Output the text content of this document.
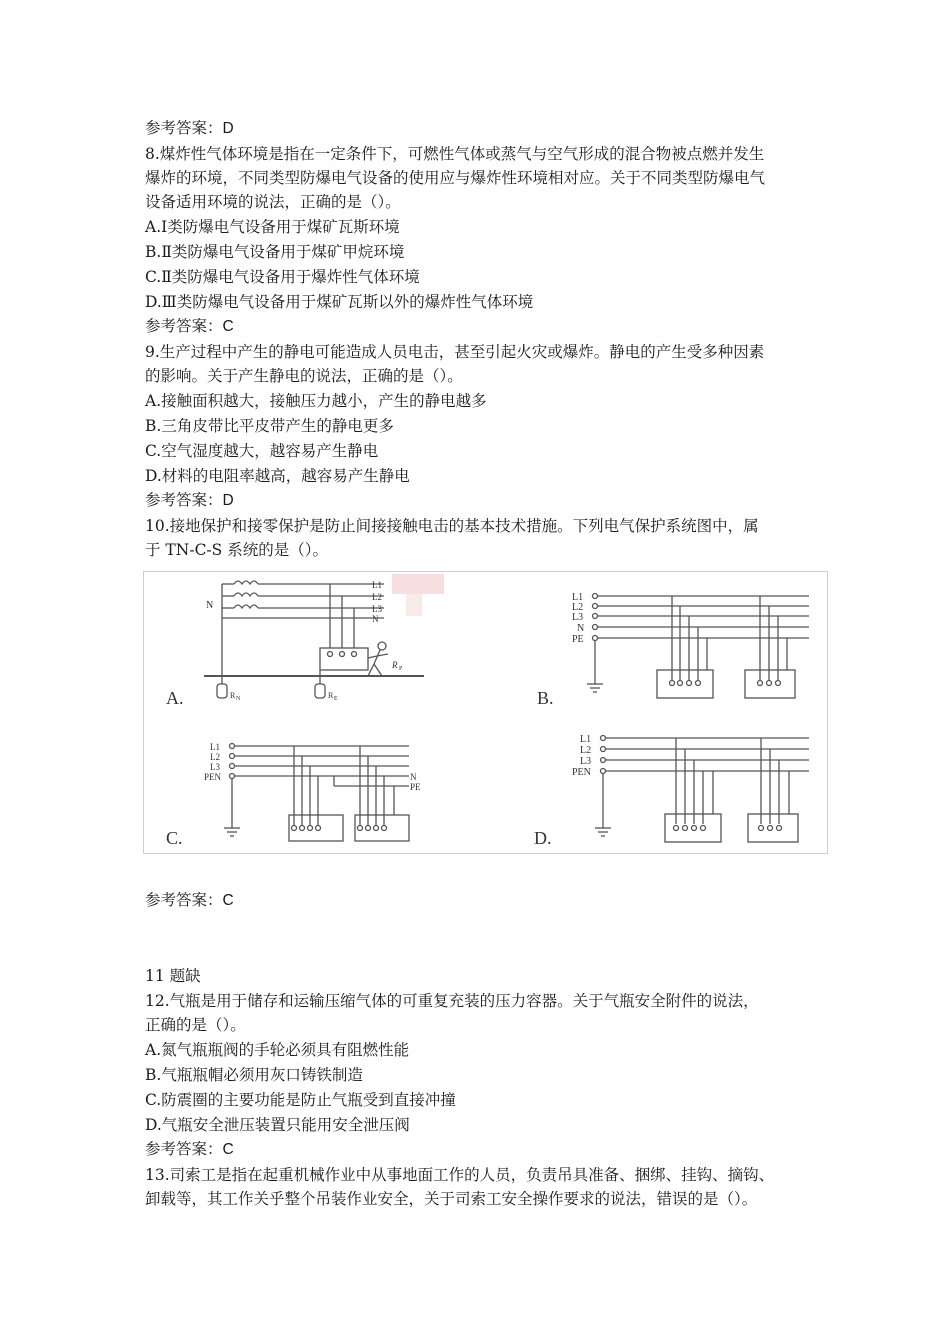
参考答案：D
8.煤炸性气体环境是指在一定条件下，可燃性气体或蒸气与空气形成的混合物被点燃并发生
爆炸的环境，不同类型防爆电气设备的使用应与爆炸性环境相对应。关于不同类型防爆电气
设备适用环境的说法，正确的是（）。
A.Ⅰ类防爆电气设备用于煤矿瓦斯环境
B.Ⅱ类防爆电气设备用于煤矿甲烷环境
C.Ⅱ类防爆电气设备用于爆炸性气体环境
D.Ⅲ类防爆电气设备用于煤矿瓦斯以外的爆炸性气体环境
参考答案：C
9.生产过程中产生的静电可能造成人员电击，甚至引起火灾或爆炸。静电的产生受多种因素
的影响。关于产生静电的说法，正确的是（）。
A.接触面积越大，接触压力越小，产生的静电越多
B.三角皮带比平皮带产生的静电更多
C.空气湿度越大，越容易产生静电
D.材料的电阻率越高，越容易产生静电
参考答案：D
10.接地保护和接零保护是防止间接接触电击的基本技术措施。下列电气保护系统图中，属
于 TN-C-S 系统的是（）。
L1
L2
L3
N
N
R N	R E
R P
A.
L1
L2
L3
N
PE
B.
L1
L2
L3
PEN	N
PE
C.
L1
L2
L3
PEN
D.
参考答案：C
11 题缺
12.气瓶是用于储存和运输压缩气体的可重复充装的压力容器。关于气瓶安全附件的说法，
正确的是（）。
A.氮气瓶瓶阀的手轮必须具有阻燃性能
B.气瓶瓶帽必须用灰口铸铁制造
C.防震圈的主要功能是防止气瓶受到直接冲撞
D.气瓶安全泄压装置只能用安全泄压阀
参考答案：C
13.司索工是指在起重机械作业中从事地面工作的人员，负责吊具准备、捆绑、挂钩、摘钩、
卸载等，其工作关乎整个吊装作业安全，关于司索工安全操作要求的说法，错误的是（）。
